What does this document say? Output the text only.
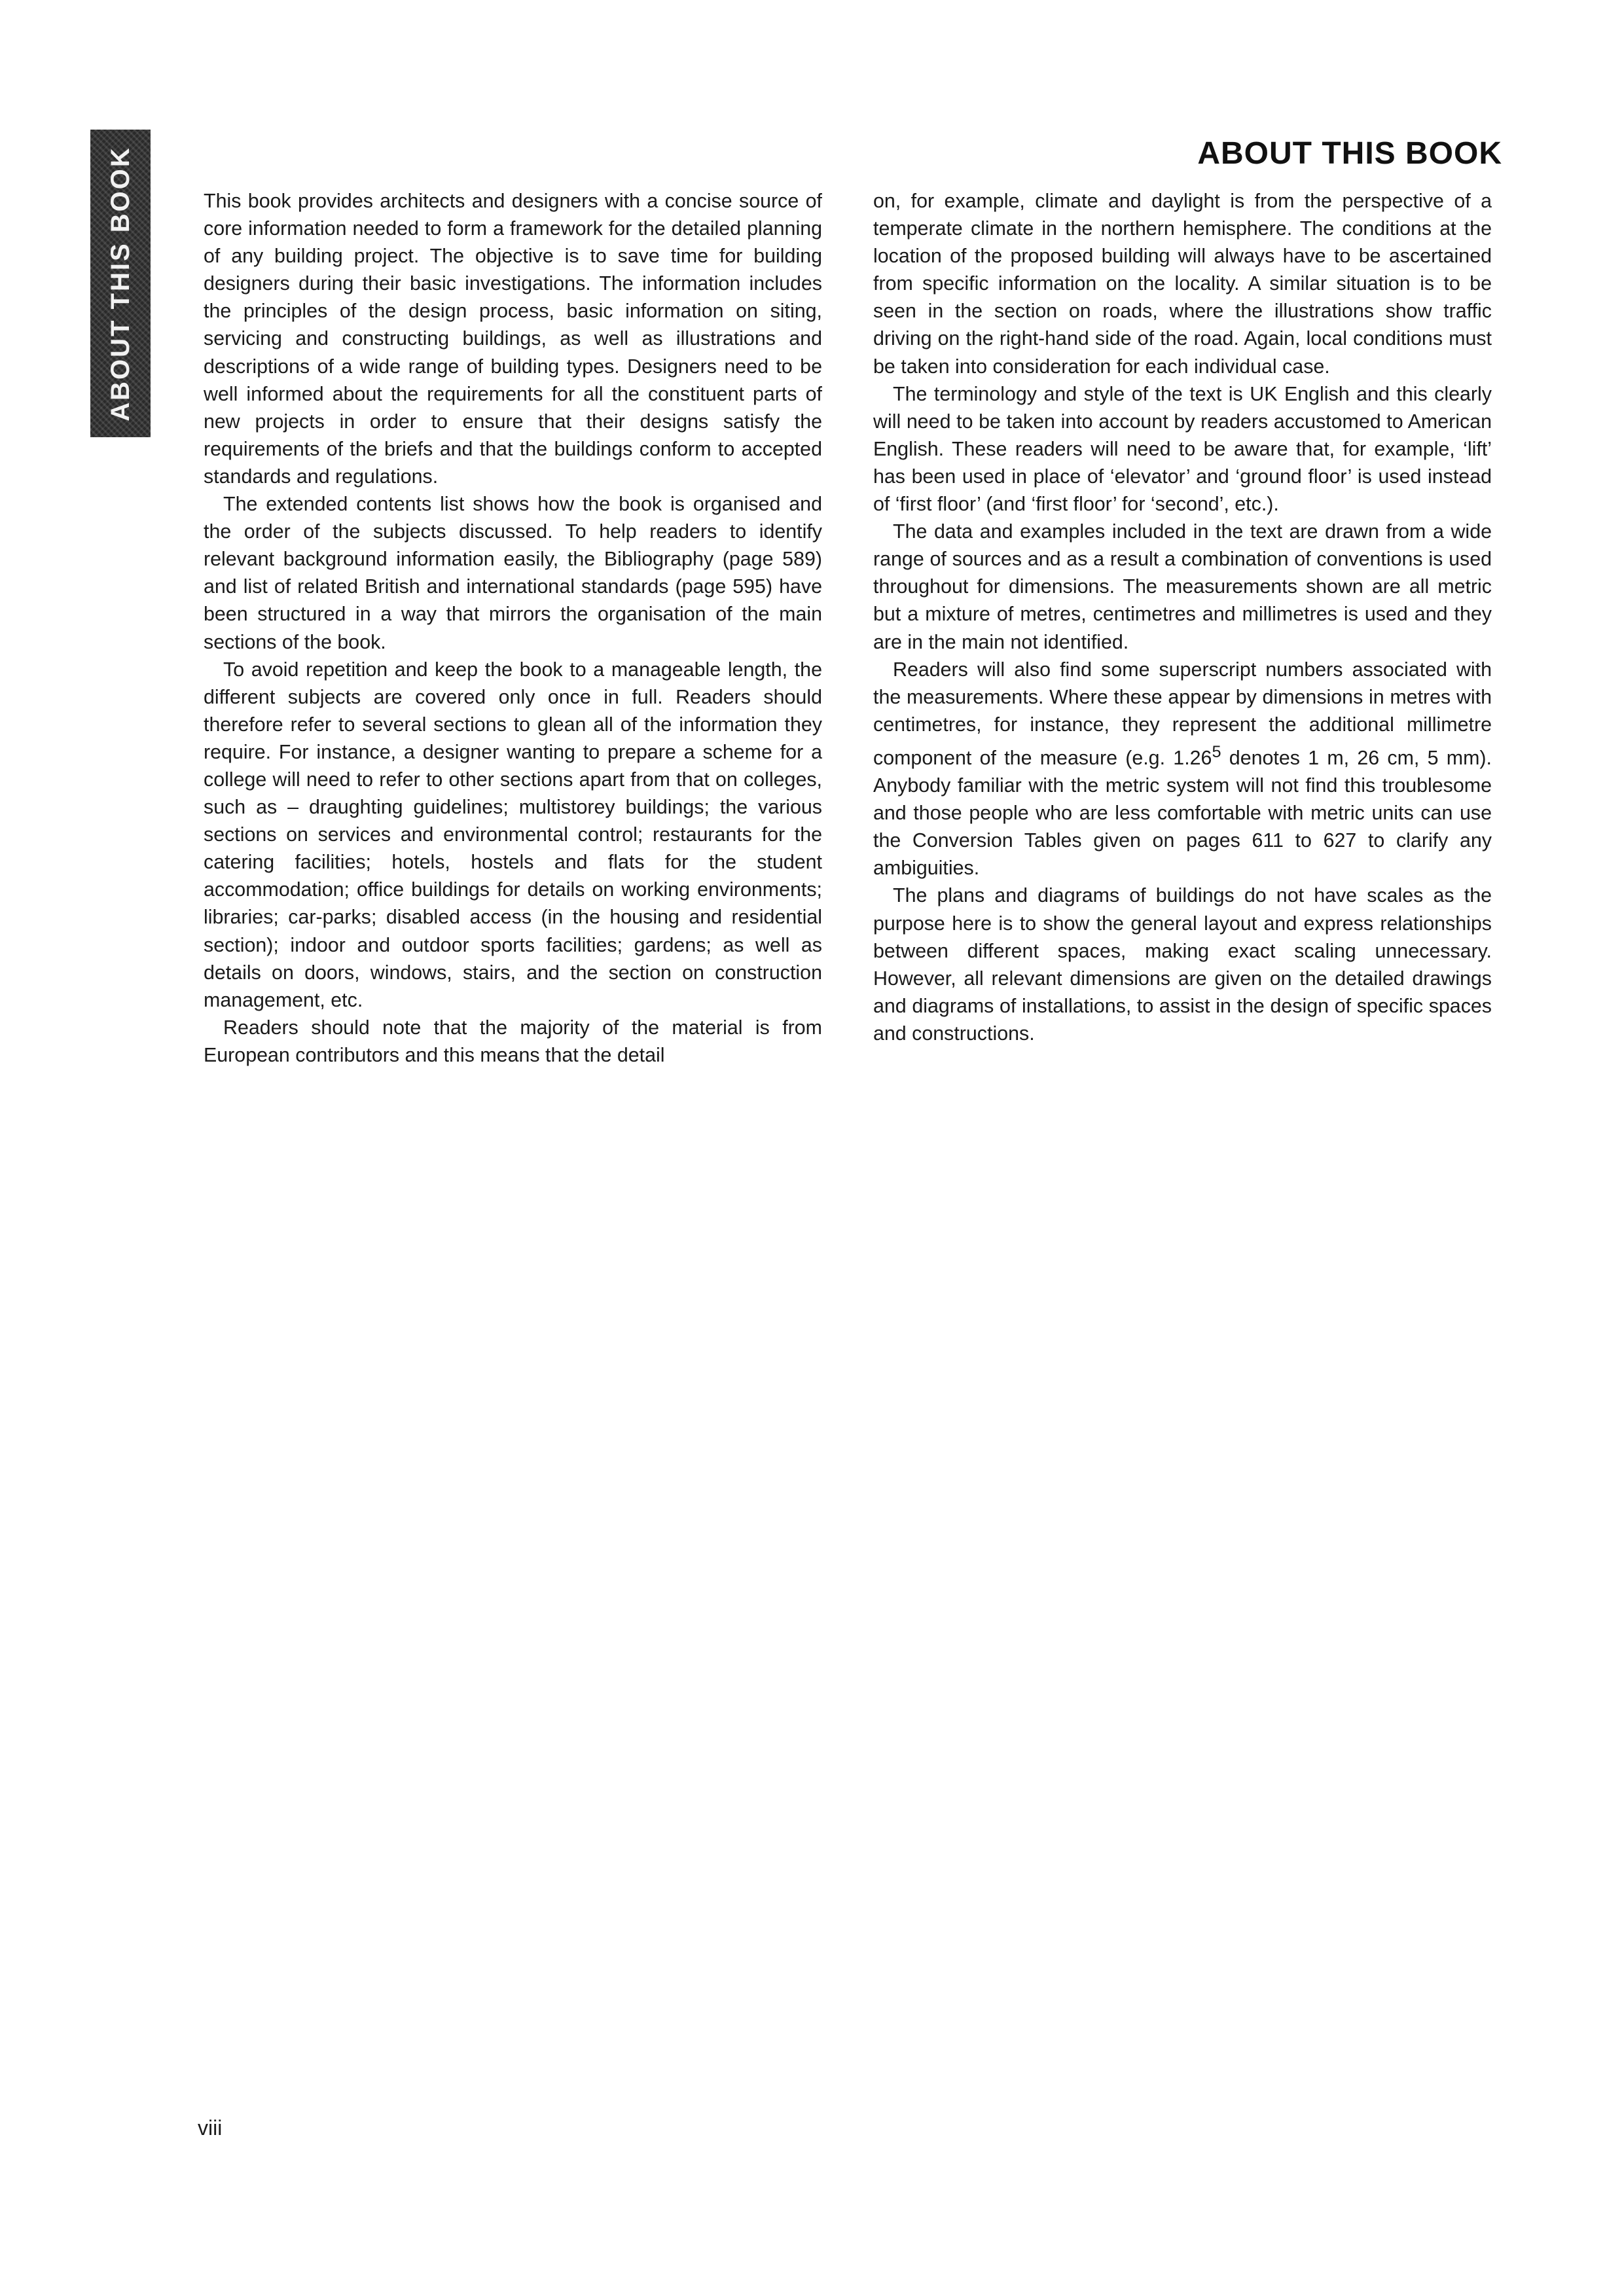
ABOUT THIS BOOK	ABOUT THIS BOOK

This book provides architects and designers with a concise source of core information needed to form a framework for the detailed planning of any building project. The objective is to save time for building designers during their basic investigations. The information includes the principles of the design process, basic information on siting, servicing and constructing buildings, as well as illustrations and descriptions of a wide range of building types. Designers need to be well informed about the requirements for all the constituent parts of new projects in order to ensure that their designs satisfy the requirements of the briefs and that the buildings conform to accepted standards and regulations.

The extended contents list shows how the book is organised and the order of the subjects discussed. To help readers to identify relevant background information easily, the Bibliography (page 589) and list of related British and international standards (page 595) have been structured in a way that mirrors the organisation of the main sections of the book.

To avoid repetition and keep the book to a manageable length, the different subjects are covered only once in full. Readers should therefore refer to several sections to glean all of the information they require. For instance, a designer wanting to prepare a scheme for a college will need to refer to other sections apart from that on colleges, such as – draughting guidelines; multistorey buildings; the various sections on services and environmental control; restaurants for the catering facilities; hotels, hostels and flats for the student accommodation; office buildings for details on working environments; libraries; car-parks; disabled access (in the housing and residential section); indoor and outdoor sports facilities; gardens; as well as details on doors, windows, stairs, and the section on construction management, etc.

Readers should note that the majority of the material is from European contributors and this means that the detail

on, for example, climate and daylight is from the perspective of a temperate climate in the northern hemisphere. The conditions at the location of the proposed building will always have to be ascertained from specific information on the locality. A similar situation is to be seen in the section on roads, where the illustrations show traffic driving on the right-hand side of the road. Again, local conditions must be taken into consideration for each individual case.

The terminology and style of the text is UK English and this clearly will need to be taken into account by readers accustomed to American English. These readers will need to be aware that, for example, ‘lift’ has been used in place of ‘elevator’ and ‘ground floor’ is used instead of ‘first floor’ (and ‘first floor’ for ‘second’, etc.).

The data and examples included in the text are drawn from a wide range of sources and as a result a combination of conventions is used throughout for dimensions. The measurements shown are all metric but a mixture of metres, centimetres and millimetres is used and they are in the main not identified.

Readers will also find some superscript numbers associated with the measurements. Where these appear by dimensions in metres with centimetres, for instance, they represent the additional millimetre component of the measure (e.g. 1.26$^5$ denotes 1 m, 26 cm, 5 mm). Anybody familiar with the metric system will not find this troublesome and those people who are less comfortable with metric units can use the Conversion Tables given on pages 611 to 627 to clarify any ambiguities.

The plans and diagrams of buildings do not have scales as the purpose here is to show the general layout and express relationships between different spaces, making exact scaling unnecessary. However, all relevant dimensions are given on the detailed drawings and diagrams of installations, to assist in the design of specific spaces and constructions.

viii
